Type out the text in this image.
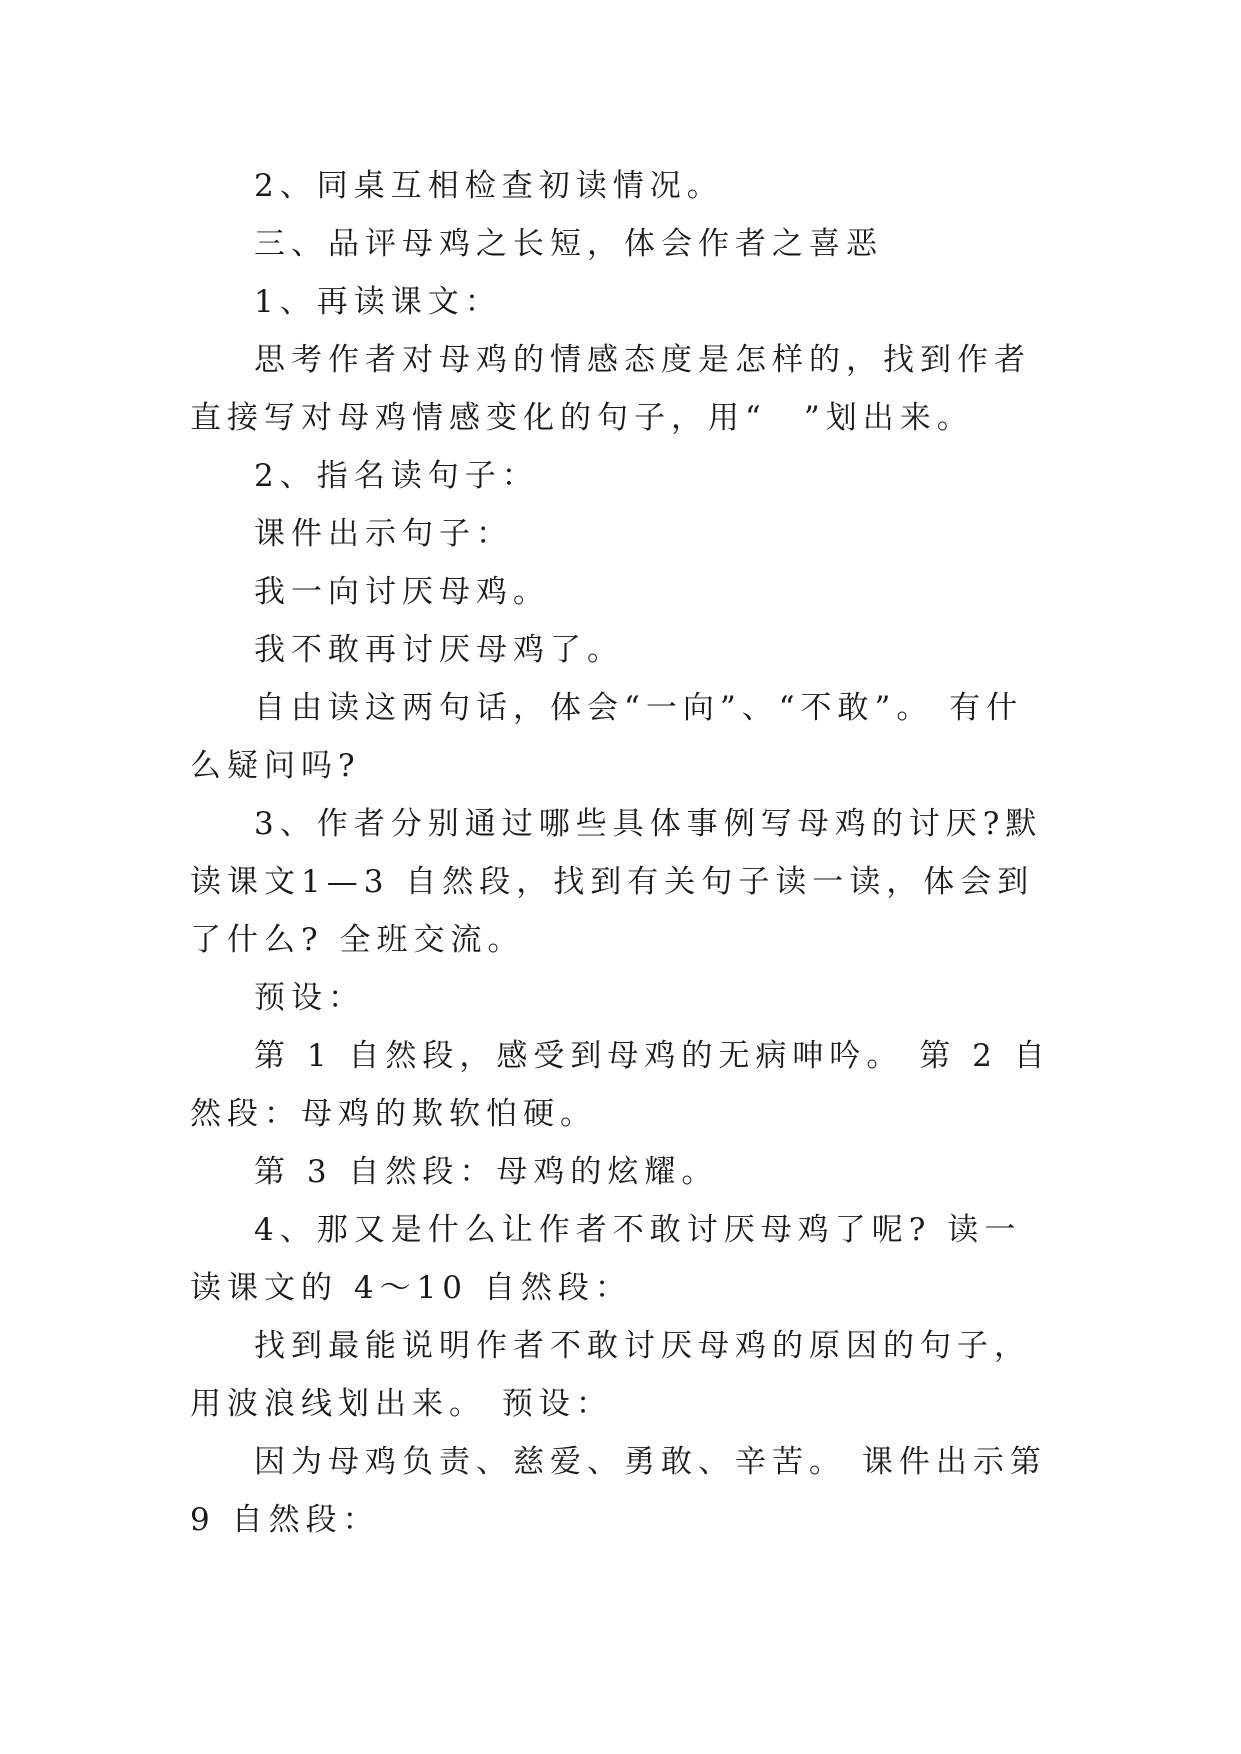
2、同桌互相检查初读情况。

三、品评母鸡之长短，体会作者之喜恶

1、再读课文：

思考作者对母鸡的情感态度是怎样的，找到作者直接写对母鸡情感变化的句子，用“　”划出来。

2、指名读句子：

课件出示句子：

我一向讨厌母鸡。

我不敢再讨厌母鸡了。

自由读这两句话，体会“一向”、“不敢”。 有什么疑问吗?

3、作者分别通过哪些具体事例写母鸡的讨厌?默读课文1—3 自然段，找到有关句子读一读，体会到了什么? 全班交流。

预设：

第 1 自然段，感受到母鸡的无病呻吟。 第 2 自然段：母鸡的欺软怕硬。

第 3 自然段：母鸡的炫耀。

4、那又是什么让作者不敢讨厌母鸡了呢? 读一读课文的 4～10 自然段：

找到最能说明作者不敢讨厌母鸡的原因的句子，用波浪线划出来。 预设：

因为母鸡负责、慈爱、勇敢、辛苦。 课件出示第 9 自然段：
